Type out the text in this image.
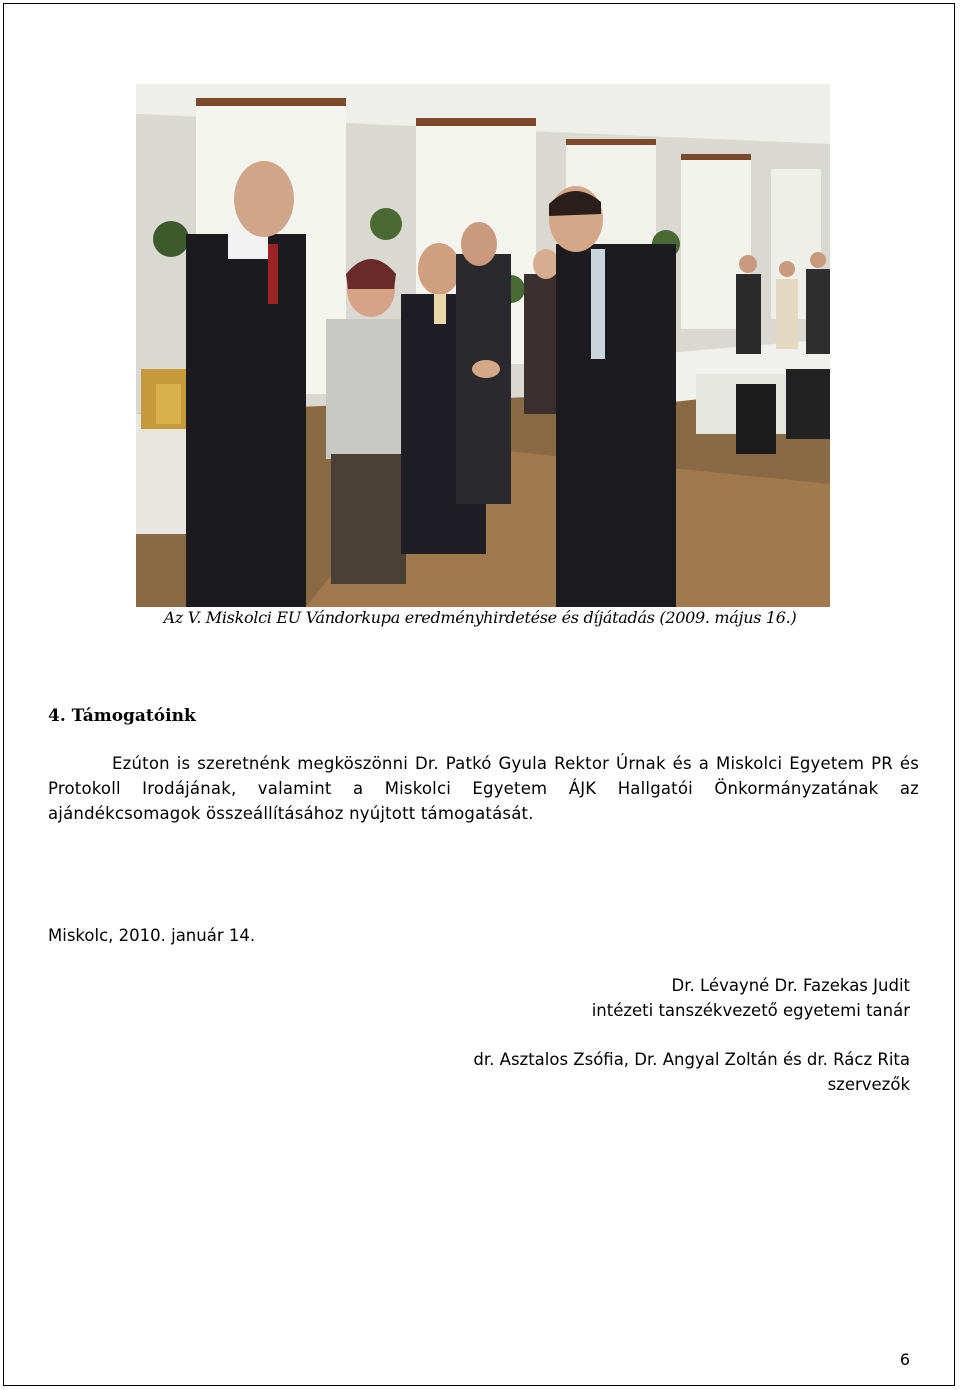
Az V. Miskolci EU Vándorkupa eredményhirdetése és díjátadás (2009. május 16.)
4. Támogatóink
Ezúton is szeretnénk megköszönni Dr. Patkó Gyula Rektor Úrnak és a Miskolci Egyetem PR és Protokoll Irodájának, valamint a Miskolci Egyetem ÁJK Hallgatói Önkormányzatának az ajándékcsomagok összeállításához nyújtott támogatását.
Miskolc, 2010. január 14.
Dr. Lévayné Dr. Fazekas Judit
intézeti tanszékvezető egyetemi tanár
dr. Asztalos Zsófia, Dr. Angyal Zoltán és dr. Rácz Rita
szervezők
6
